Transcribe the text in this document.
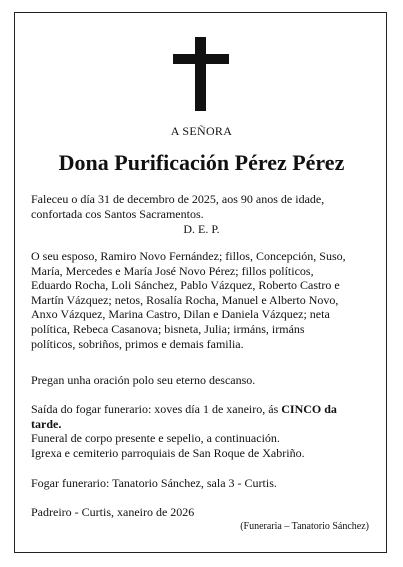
A SEÑORA

Dona Purificación Pérez Pérez

Faleceu o día 31 de decembro de 2025, aos 90 anos de idade,
confortada cos Santos Sacramentos.

D. E. P.

O seu esposo, Ramiro Novo Fernández; fillos, Concepción, Suso,
María, Mercedes e María José Novo Pérez; fillos políticos,
Eduardo Rocha, Loli Sánchez, Pablo Vázquez, Roberto Castro e
Martín Vázquez; netos, Rosalía Rocha, Manuel e Alberto Novo,
Anxo Vázquez, Marina Castro, Dilan e Daniela Vázquez; neta
política, Rebeca Casanova; bisneta, Julia; irmáns, irmáns
políticos, sobriños, primos e demais familia.

Pregan unha oración polo seu eterno descanso.

Saída do fogar funerario: xoves día 1 de xaneiro, ás CINCO da
tarde.
Funeral de corpo presente e sepelio, a continuación.
Igrexa e cemiterio parroquiais de San Roque de Xabriño.

Fogar funerario: Tanatorio Sánchez, sala 3 - Curtis.

Padreiro - Curtis, xaneiro de 2026

(Funeraria – Tanatorio Sánchez)
